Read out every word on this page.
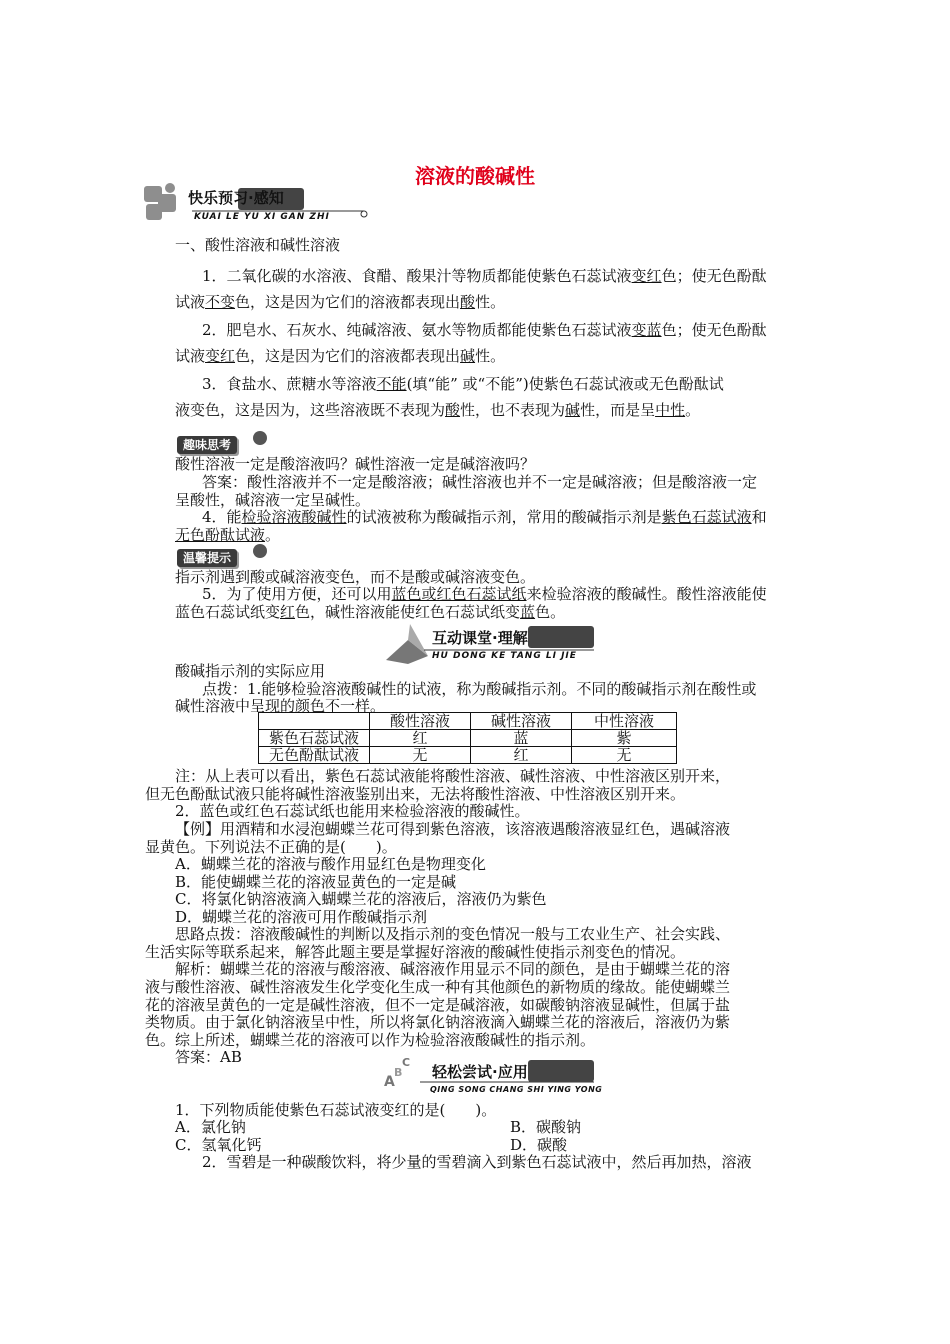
溶液的酸碱性
快乐预习·感知
KUAI LE YU XI GAN ZHI
一、酸性溶液和碱性溶液
1．二氧化碳的水溶液、食醋、酸果汁等物质都能使紫色石蕊试液变红色；使无色酚酞
试液不变色，这是因为它们的溶液都表现出酸性。
2．肥皂水、石灰水、纯碱溶液、氨水等物质都能使紫色石蕊试液变蓝色；使无色酚酞
试液变红色，这是因为它们的溶液都表现出碱性。
3．食盐水、蔗糖水等溶液不能(填“能” 或“不能”)使紫色石蕊试液或无色酚酞试
液变色，这是因为，这些溶液既不表现为酸性，也不表现为碱性，而是呈中性。
趣味思考
酸性溶液一定是酸溶液吗？碱性溶液一定是碱溶液吗？
答案：酸性溶液并不一定是酸溶液；碱性溶液也并不一定是碱溶液；但是酸溶液一定
呈酸性，碱溶液一定呈碱性。
4．能检验溶液酸碱性的试液被称为酸碱指示剂，常用的酸碱指示剂是紫色石蕊试液和
无色酚酞试液。
温馨提示
指示剂遇到酸或碱溶液变色，而不是酸或碱溶液变色。
5．为了使用方便，还可以用蓝色或红色石蕊试纸来检验溶液的酸碱性。酸性溶液能使
蓝色石蕊试纸变红色，碱性溶液能使红色石蕊试纸变蓝色。
互动课堂·理解
HU DONG KE TANG LI JIE
酸碱指示剂的实际应用
点拨：1.能够检验溶液酸碱性的试液，称为酸碱指示剂。不同的酸碱指示剂在酸性或
碱性溶液中呈现的颜色不一样。
	酸性溶液	碱性溶液	中性溶液
紫色石蕊试液	红	蓝	紫
无色酚酞试液	无	红	无
注：从上表可以看出，紫色石蕊试液能将酸性溶液、碱性溶液、中性溶液区别开来，
但无色酚酞试液只能将碱性溶液鉴别出来，无法将酸性溶液、中性溶液区别开来。
2．蓝色或红色石蕊试纸也能用来检验溶液的酸碱性。
【例】用酒精和水浸泡蝴蝶兰花可得到紫色溶液，该溶液遇酸溶液显红色，遇碱溶液
显黄色。下列说法不正确的是(　　)。
A．蝴蝶兰花的溶液与酸作用显红色是物理变化
B．能使蝴蝶兰花的溶液显黄色的一定是碱
C．将氯化钠溶液滴入蝴蝶兰花的溶液后，溶液仍为紫色
D．蝴蝶兰花的溶液可用作酸碱指示剂
思路点拨：溶液酸碱性的判断以及指示剂的变色情况一般与工农业生产、社会实践、
生活实际等联系起来，解答此题主要是掌握好溶液的酸碱性使指示剂变色的情况。
解析：蝴蝶兰花的溶液与酸溶液、碱溶液作用显示不同的颜色，是由于蝴蝶兰花的溶
液与酸性溶液、碱性溶液发生化学变化生成一种有其他颜色的新物质的缘故。能使蝴蝶兰
花的溶液呈黄色的一定是碱性溶液，但不一定是碱溶液，如碳酸钠溶液显碱性，但属于盐
类物质。由于氯化钠溶液呈中性，所以将氯化钠溶液滴入蝴蝶兰花的溶液后，溶液仍为紫
色。综上所述，蝴蝶兰花的溶液可以作为检验溶液酸碱性的指示剂。
答案：AB
A
B
C
轻松尝试·应用
QING SONG CHANG SHI YING YONG
1．下列物质能使紫色石蕊试液变红的是(　　)。
A．氯化钠	B．碳酸钠
C．氢氧化钙	D．碳酸
2．雪碧是一种碳酸饮料，将少量的雪碧滴入到紫色石蕊试液中，然后再加热，溶液
